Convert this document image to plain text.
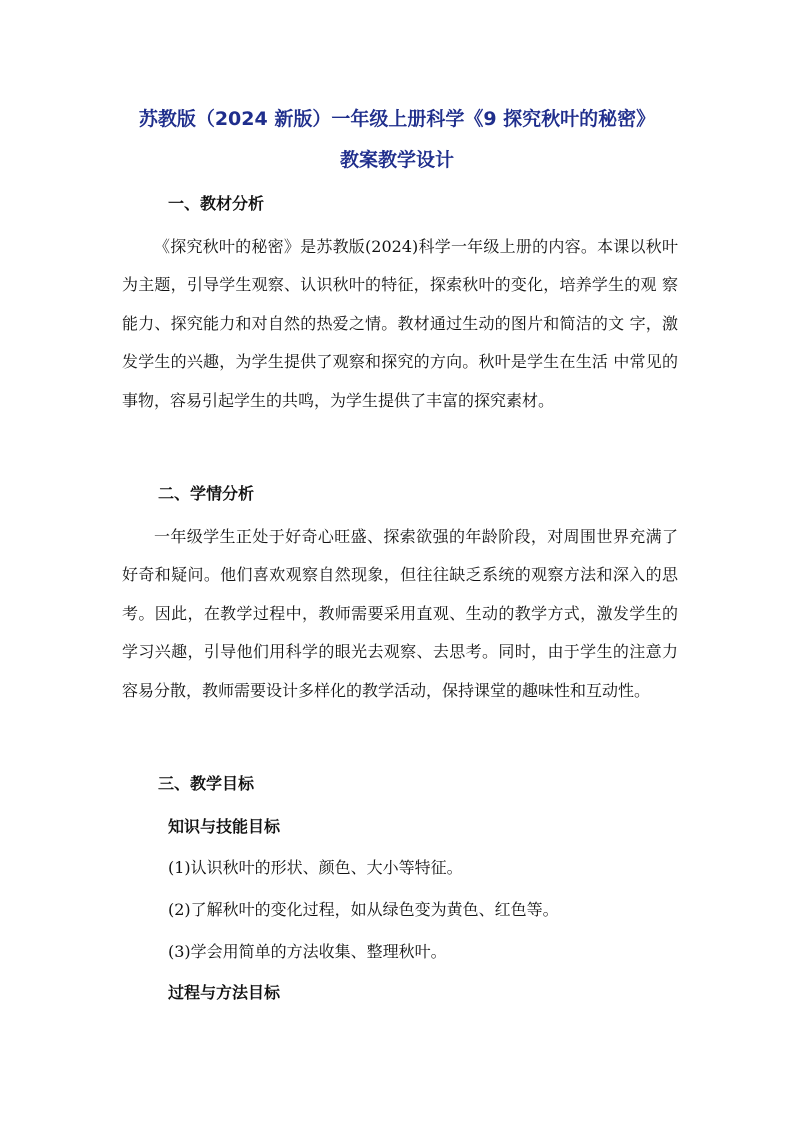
苏教版（2024 新版）一年级上册科学《9 探究秋叶的秘密》
教案教学设计
一、教材分析

《探究秋叶的秘密》是苏教版(2024)科学一年级上册的内容。本课以秋叶 为主题，引导学生观察、认识秋叶的特征，探索秋叶的变化，培养学生的观 察能力、探究能力和对自然的热爱之情。教材通过生动的图片和简洁的文 字，激发学生的兴趣，为学生提供了观察和探究的方向。秋叶是学生在生活 中常见的事物，容易引起学生的共鸣，为学生提供了丰富的探究素材。

二、学情分析

一年级学生正处于好奇心旺盛、探索欲强的年龄阶段，对周围世界充满了好奇和疑问。他们喜欢观察自然现象，但往往缺乏系统的观察方法和深入的思考。因此，在教学过程中，教师需要采用直观、生动的教学方式，激发学生的学习兴趣，引导他们用科学的眼光去观察、去思考。同时，由于学生的注意力容易分散，教师需要设计多样化的教学活动，保持课堂的趣味性和互动性。

三、教学目标
知识与技能目标
(1)认识秋叶的形状、颜色、大小等特征。
(2)了解秋叶的变化过程，如从绿色变为黄色、红色等。
(3)学会用简单的方法收集、整理秋叶。
过程与方法目标
